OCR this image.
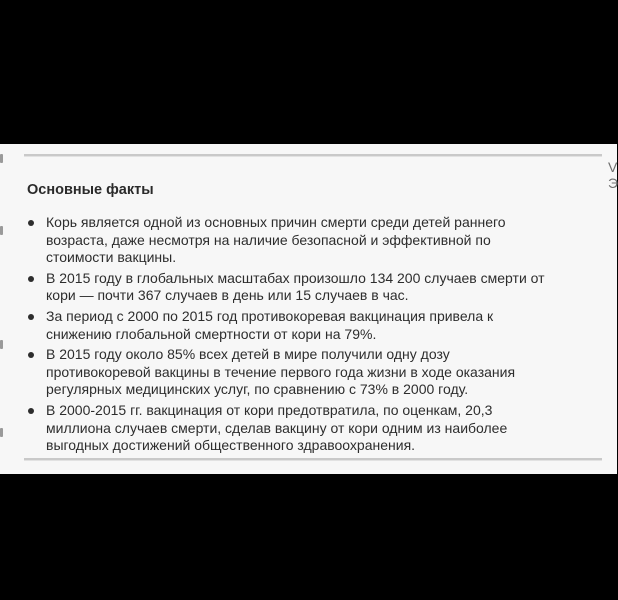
V
Э
Основные факты
Корь является одной из основных причин смерти среди детей раннего
возраста, даже несмотря на наличие безопасной и эффективной по
стоимости вакцины.
В 2015 году в глобальных масштабах произошло 134 200 случаев смерти от
кори — почти 367 случаев в день или 15 случаев в час.
За период с 2000 по 2015 год противокоревая вакцинация привела к
снижению глобальной смертности от кори на 79%.
В 2015 году около 85% всех детей в мире получили одну дозу
противокоревой вакцины в течение первого года жизни в ходе оказания
регулярных медицинских услуг, по сравнению с 73% в 2000 году.
В 2000-2015 гг. вакцинация от кори предотвратила, по оценкам, 20,3
миллиона случаев смерти, сделав вакцину от кори одним из наиболее
выгодных достижений общественного здравоохранения.
